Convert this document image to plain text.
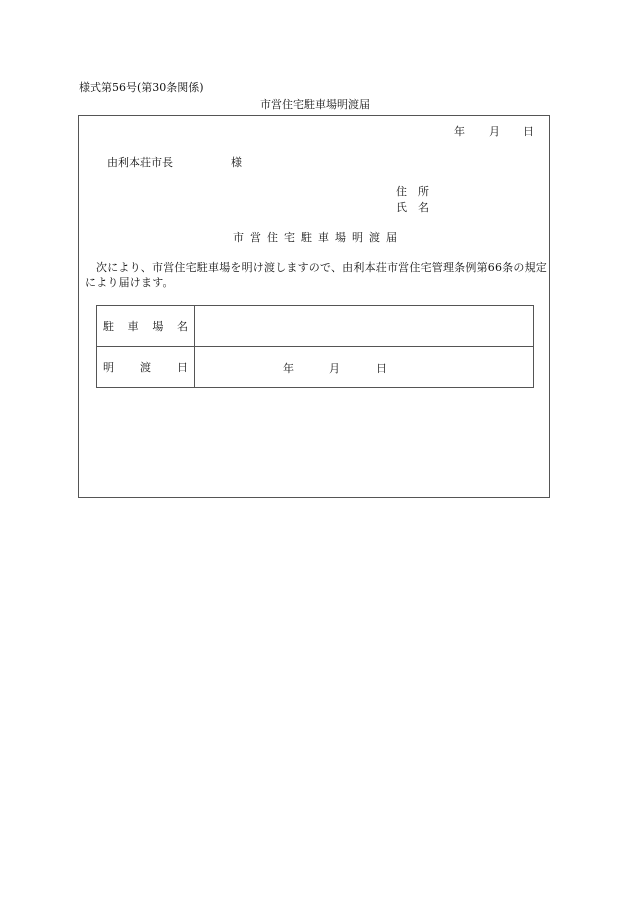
様式第56号(第30条関係)
市営住宅駐車場明渡届
年 月 日
由利本荘市長	様
住所
氏名
市営住宅駐車場明渡届
次により、市営住宅駐車場を明け渡しますので、由利本荘市営住宅管理条例第66条の規定により届けます。
駐車場名	
明渡日	年 月 日
